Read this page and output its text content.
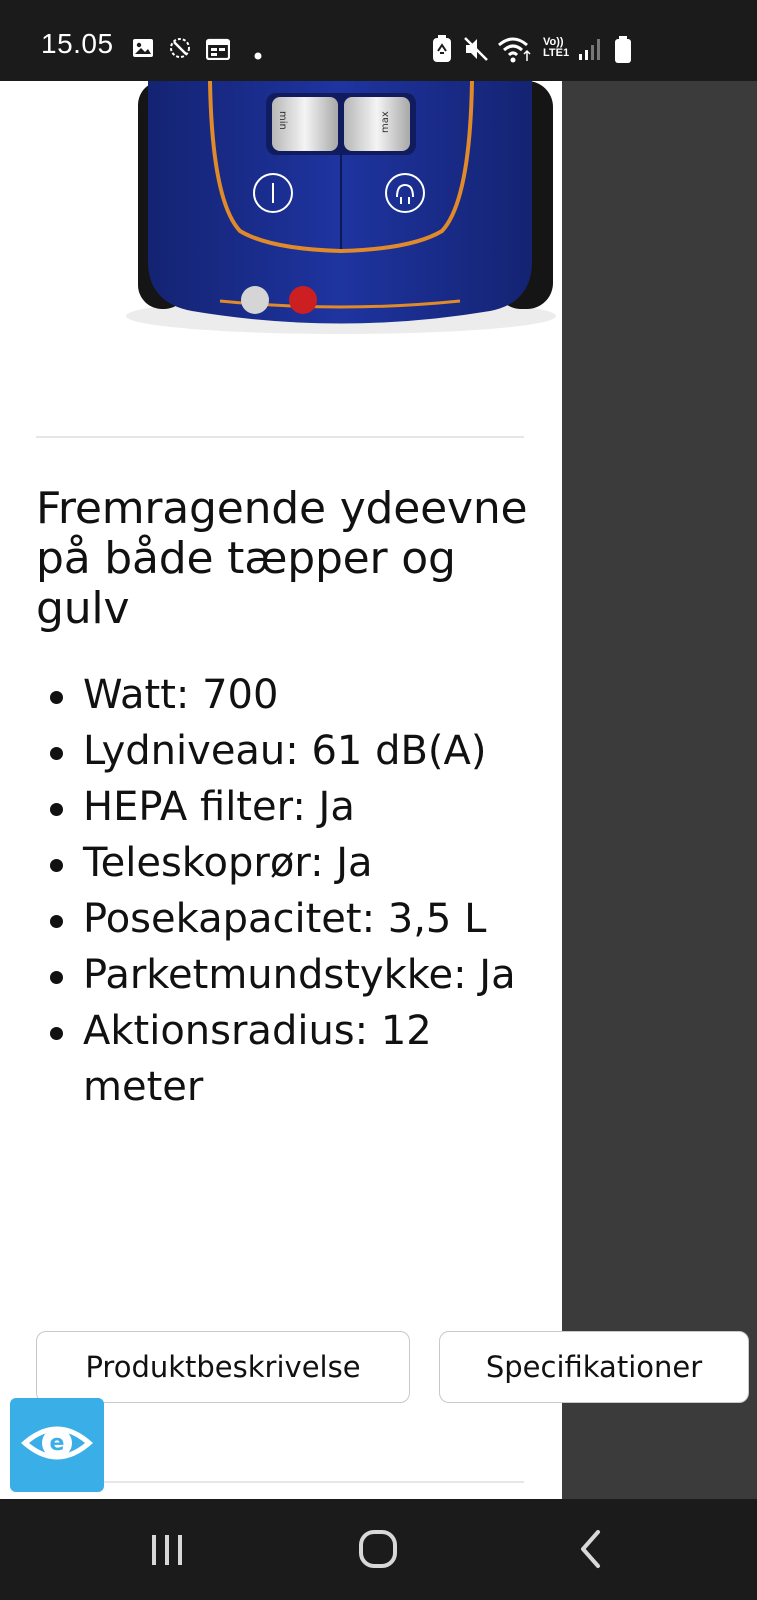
15.05	Vo))
LTE1
min	max
Fremragende ydeevne på både tæpper og gulv
Watt: 700
Lydniveau: 61 dB(A)
HEPA filter: Ja
Teleskoprør: Ja
Posekapacitet: 3,5 L
Parketmundstykke: Ja
Aktionsradius: 12 meter
Produktbeskrivelse	Specifikationer
e
